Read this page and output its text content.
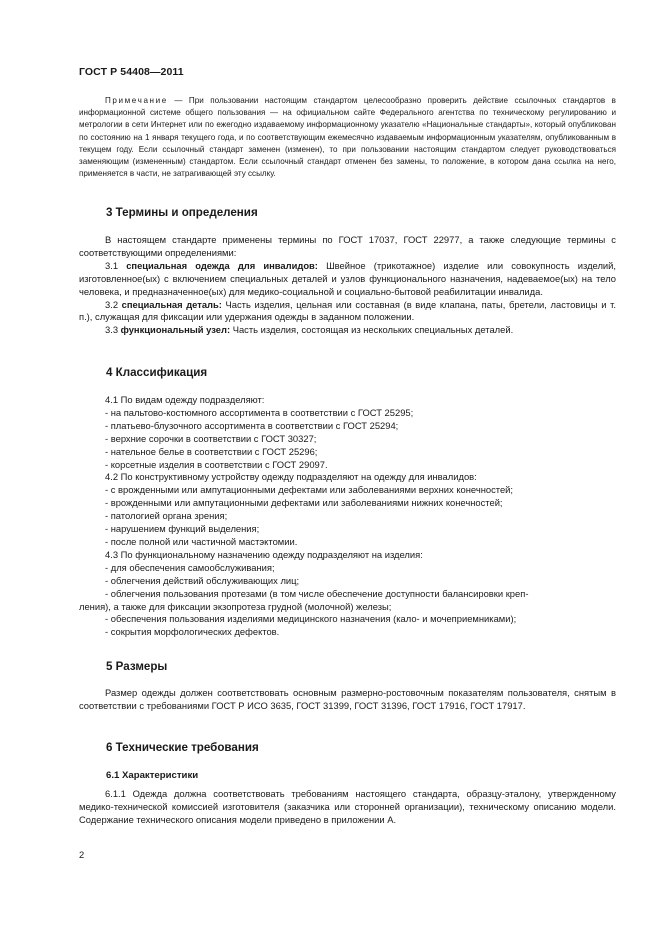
ГОСТ Р 54408—2011

Примечание — При пользовании настоящим стандартом целесообразно проверить действие ссылочных стандартов в информационной системе общего пользования — на официальном сайте Федерального агентства по техническому регулированию и метрологии в сети Интернет или по ежегодно издаваемому информационному указателю «Национальные стандарты», который опубликован по состоянию на 1 января текущего года, и по соответствующим ежемесячно издаваемым информационным указателям, опубликованным в текущем году. Если ссылочный стандарт заменен (изменен), то при пользовании настоящим стандартом следует руководствоваться заменяющим (измененным) стандартом. Если ссылочный стандарт отменен без замены, то положение, в котором дана ссылка на него, применяется в части, не затрагивающей эту ссылку.

3 Термины и определения

В настоящем стандарте применены термины по ГОСТ 17037, ГОСТ 22977, а также следующие термины с соответствующими определениями:

3.1 специальная одежда для инвалидов: Швейное (трикотажное) изделие или совокупность изделий, изготовленное(ых) с включением специальных деталей и узлов функционального назначения, надеваемое(ых) на тело человека, и предназначенное(ых) для медико-социальной и социально-бытовой реабилитации инвалида.

3.2 специальная деталь: Часть изделия, цельная или составная (в виде клапана, паты, бретели, ластовицы и т. п.), служащая для фиксации или удержания одежды в заданном положении.

3.3 функциональный узел: Часть изделия, состоящая из нескольких специальных деталей.

4 Классификация

4.1 По видам одежду подразделяют:

- на пальтово-костюмного ассортимента в соответствии с ГОСТ 25295;

- платьево-блузочного ассортимента в соответствии с ГОСТ 25294;

- верхние сорочки в соответствии с ГОСТ 30327;

- нательное белье в соответствии с ГОСТ 25296;

- корсетные изделия в соответствии с ГОСТ 29097.

4.2 По конструктивному устройству одежду подразделяют на одежду для инвалидов:

- с врожденными или ампутационными дефектами или заболеваниями верхних конечностей;

- врожденными или ампутационными дефектами или заболеваниями нижних конечностей;

- патологией органа зрения;

- нарушением функций выделения;

- после полной или частичной мастэктомии.

4.3 По функциональному назначению одежду подразделяют на изделия:

- для обеспечения самообслуживания;

- облегчения действий обслуживающих лиц;

- облегчения пользования протезами (в том числе обеспечение доступности балансировки креп-

ления), а также для фиксации экзопротеза грудной (молочной) железы;

- обеспечения пользования изделиями медицинского назначения (кало- и мочеприемниками);

- сокрытия морфологических дефектов.

5 Размеры

Размер одежды должен соответствовать основным размерно-ростовочным показателям пользователя, снятым в соответствии с требованиями ГОСТ Р ИСО 3635, ГОСТ 31399, ГОСТ 31396, ГОСТ 17916, ГОСТ 17917.

6 Технические требования
6.1 Характеристики

6.1.1 Одежда должна соответствовать требованиям настоящего стандарта, образцу-эталону, утвержденному медико-технической комиссией изготовителя (заказчика или сторонней организации), техническому описанию модели. Содержание технического описания модели приведено в приложении А.

2
